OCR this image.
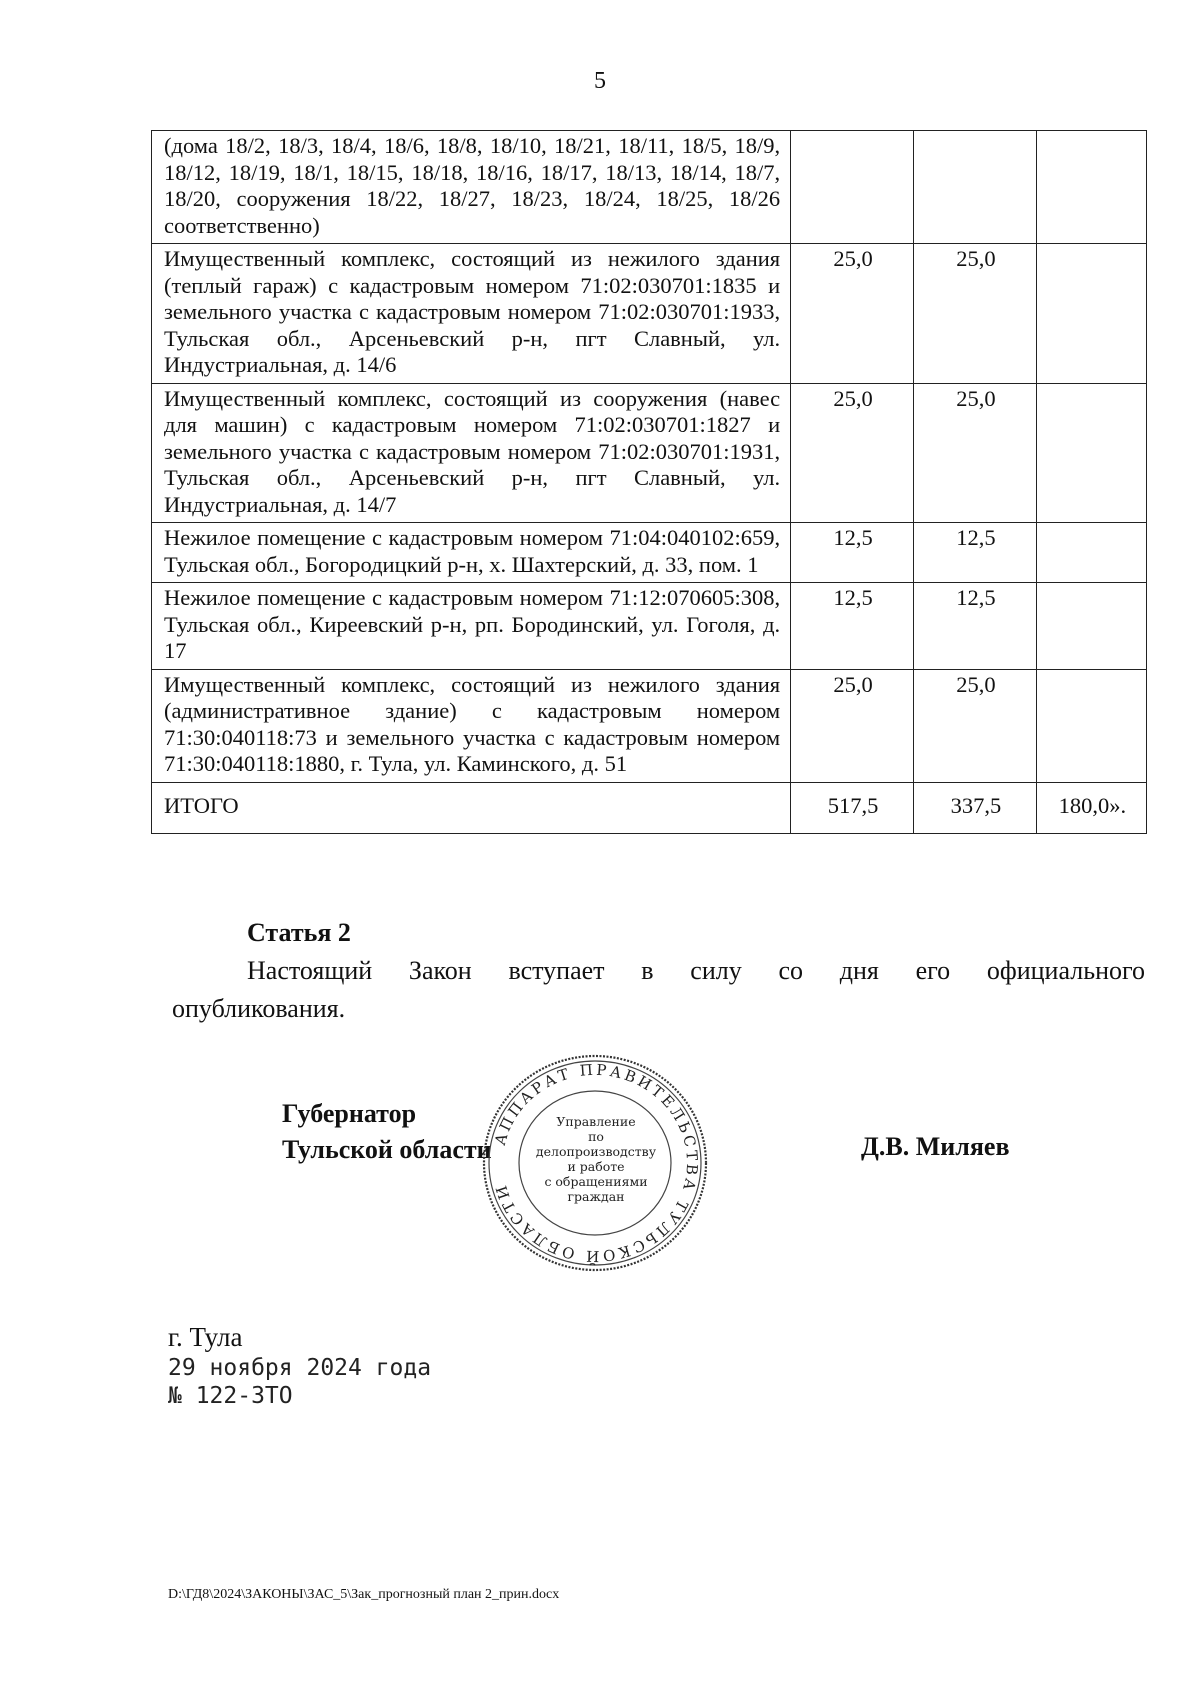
5
(дома 18/2, 18/3, 18/4, 18/6, 18/8, 18/10, 18/21, 18/11, 18/5, 18/9, 18/12, 18/19, 18/1, 18/15, 18/18, 18/16, 18/17, 18/13, 18/14, 18/7, 18/20, сооружения 18/22, 18/27, 18/23, 18/24, 18/25, 18/26 соответственно)			
Имущественный комплекс, состоящий из нежилого здания (теплый гараж) с кадастровым номером 71:02:030701:1835 и земельного участка с кадастровым номером 71:02:030701:1933, Тульская обл., Арсеньевский р-н, пгт Славный, ул. Индустриальная, д. 14/6	25,0	25,0	
Имущественный комплекс, состоящий из сооружения (навес для машин) с кадастровым номером 71:02:030701:1827 и земельного участка с кадастровым номером 71:02:030701:1931, Тульская обл., Арсеньевский р-н, пгт Славный, ул. Индустриальная, д. 14/7	25,0	25,0	
Нежилое помещение с кадастровым номером 71:04:040102:659, Тульская обл., Богородицкий р-н, х. Шахтерский, д. 33, пом. 1	12,5	12,5	
Нежилое помещение с кадастровым номером 71:12:070605:308, Тульская обл., Киреевский р-н, рп. Бородинский, ул. Гоголя, д. 17	12,5	12,5	
Имущественный комплекс, состоящий из нежилого здания (административное здание) с кадастровым номером 71:30:040118:73 и земельного участка с кадастровым номером 71:30:040118:1880, г. Тула, ул. Каминского, д. 51	25,0	25,0	
ИТОГО	517,5	337,5	180,0».
Статья 2
Настоящий Закон вступает в силу со дня его официального
опубликования.
Губернатор
Тульской области	Д.В. Миляев
АППАРАТ ПРАВИТЕЛЬСТВА ТУЛЬСКОЙ ОБЛАСТИ
Управление
по делопроизводству
и работе
с обращениями
граждан
г. Тула
29 ноября 2024 года
№ 122-ЗТО
D:\ГД8\2024\ЗАКОНЫ\ЗАС_5\Зак_прогнозный план 2_прин.docx
